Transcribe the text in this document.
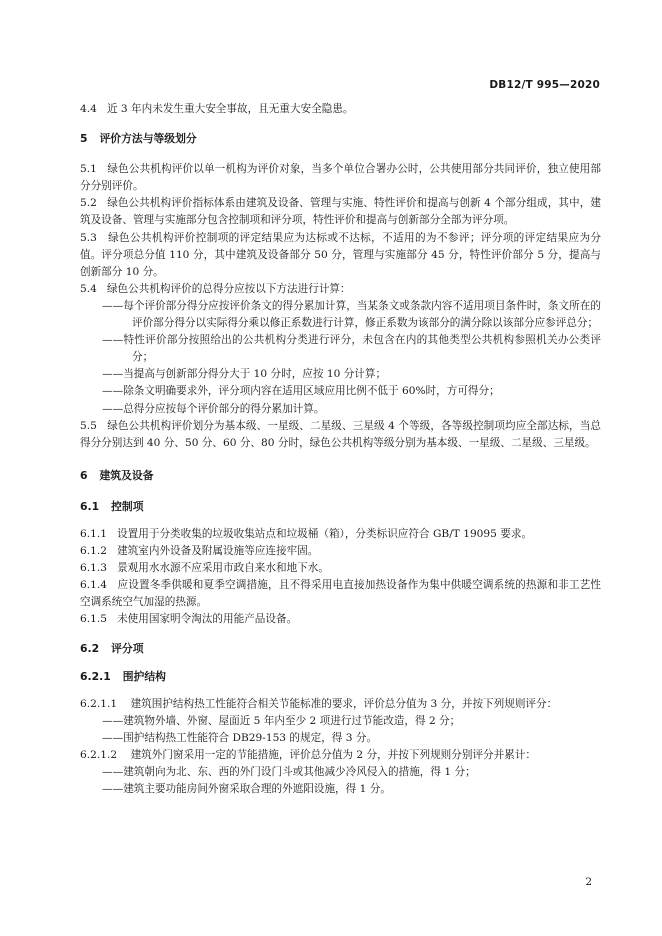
DB12/T 995—2020

4.4 近 3 年内未发生重大安全事故，且无重大安全隐患。

5 评价方法与等级划分

5.1 绿色公共机构评价以单一机构为评价对象，当多个单位合署办公时，公共使用部分共同评价，独立使用部分分别评价。

5.2 绿色公共机构评价指标体系由建筑及设备、管理与实施、特性评价和提高与创新 4 个部分组成，其中，建筑及设备、管理与实施部分包含控制项和评分项，特性评价和提高与创新部分全部为评分项。

5.3 绿色公共机构评价控制项的评定结果应为达标或不达标，不适用的为不参评；评分项的评定结果应为分值。评分项总分值 110 分，其中建筑及设备部分 50 分，管理与实施部分 45 分，特性评价部分 5 分，提高与创新部分 10 分。

5.4 绿色公共机构评价的总得分应按以下方法进行计算：

——每个评价部分得分应按评价条文的得分累加计算，当某条文或条款内容不适用项目条件时，条文所在的评价部分得分以实际得分乘以修正系数进行计算，修正系数为该部分的满分除以该部分应参评总分；

——特性评价部分按照给出的公共机构分类进行评分，未包含在内的其他类型公共机构参照机关办公类评分；

——当提高与创新部分得分大于 10 分时，应按 10 分计算；

——除条文明确要求外，评分项内容在适用区域应用比例不低于 60%时，方可得分；

——总得分应按每个评价部分的得分累加计算。

5.5 绿色公共机构评价划分为基本级、一星级、二星级、三星级 4 个等级，各等级控制项均应全部达标，当总得分分别达到 40 分、50 分、60 分、80 分时，绿色公共机构等级分别为基本级、一星级、二星级、三星级。

6 建筑及设备

6.1 控制项

6.1.1 设置用于分类收集的垃圾收集站点和垃圾桶（箱），分类标识应符合 GB/T 19095 要求。

6.1.2 建筑室内外设备及附属设施等应连接牢固。

6.1.3 景观用水水源不应采用市政自来水和地下水。

6.1.4 应设置冬季供暖和夏季空调措施，且不得采用电直接加热设备作为集中供暖空调系统的热源和非工艺性空调系统空气加湿的热源。

6.1.5 未使用国家明令淘汰的用能产品设备。

6.2 评分项

6.2.1 围护结构

6.2.1.1 建筑围护结构热工性能符合相关节能标准的要求，评价总分值为 3 分，并按下列规则评分：

——建筑物外墙、外窗、屋面近 5 年内至少 2 项进行过节能改造，得 2 分；

——围护结构热工性能符合 DB29-153 的规定，得 3 分。

6.2.1.2 建筑外门窗采用一定的节能措施，评价总分值为 2 分，并按下列规则分别评分并累计：

——建筑朝向为北、东、西的外门设门斗或其他减少冷风侵入的措施，得 1 分；

——建筑主要功能房间外窗采取合理的外遮阳设施，得 1 分。

2
